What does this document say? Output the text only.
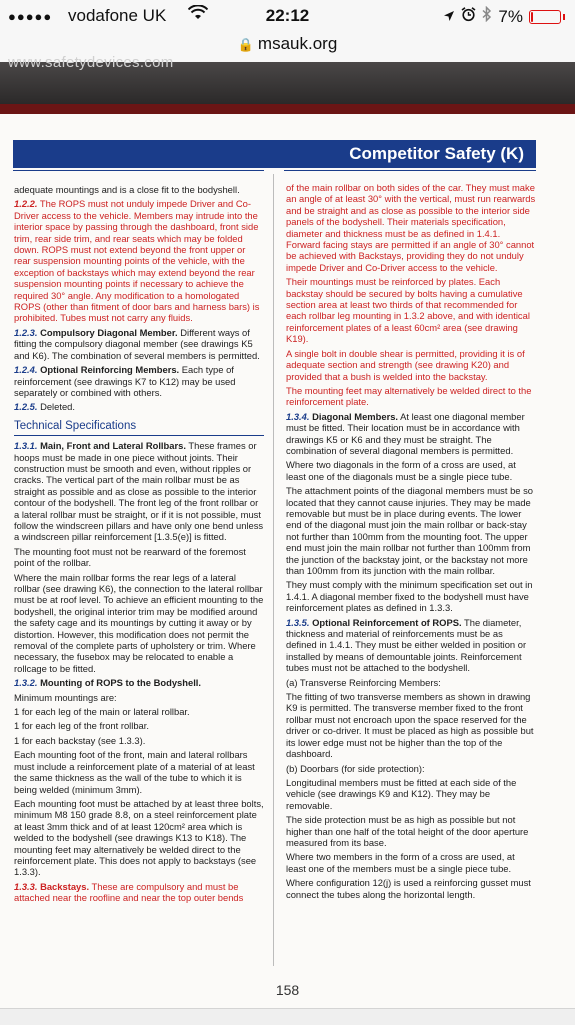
●●●●● vodafone UK	22:12	7%
🔒 msauk.org
www.safetydevices.com
Competitor Safety (K)

adequate mountings and is a close fit to the bodyshell.

1.2.2. The ROPS must not unduly impede Driver and Co-Driver access to the vehicle. Members may intrude into the interior space by passing through the dashboard, front side trim, rear side trim, and rear seats which may be folded down. ROPS must not extend beyond the front upper or rear suspension mounting points of the vehicle, with the exception of backstays which may extend beyond the rear suspension mounting points if necessary to achieve the required 30° angle. Any modification to a homologated ROPS (other than fitment of door bars and harness bars) is prohibited. Tubes must not carry any fluids.

1.2.3. Compulsory Diagonal Member. Different ways of fitting the compulsory diagonal member (see drawings K5 and K6). The combination of several members is permitted.

1.2.4. Optional Reinforcing Members. Each type of reinforcement (see drawings K7 to K12) may be used separately or combined with others.

1.2.5. Deleted.

Technical Specifications

1.3.1. Main, Front and Lateral Rollbars. These frames or hoops must be made in one piece without joints. Their construction must be smooth and even, without ripples or cracks. The vertical part of the main rollbar must be as straight as possible and as close as possible to the interior contour of the bodyshell. The front leg of the front rollbar or a lateral rollbar must be straight, or if it is not possible, must follow the windscreen pillars and have only one bend unless a windscreen pillar reinforcement [1.3.5(e)] is fitted.

The mounting foot must not be rearward of the foremost point of the rollbar.

Where the main rollbar forms the rear legs of a lateral rollbar (see drawing K6), the connection to the lateral rollbar must be at roof level. To achieve an efficient mounting to the bodyshell, the original interior trim may be modified around the safety cage and its mountings by cutting it away or by distortion. However, this modification does not permit the removal of the complete parts of upholstery or trim. Where necessary, the fusebox may be relocated to enable a rollcage to be fitted.

1.3.2. Mounting of ROPS to the Bodyshell.

Minimum mountings are:

1 for each leg of the main or lateral rollbar.

1 for each leg of the front rollbar.

1 for each backstay (see 1.3.3).

Each mounting foot of the front, main and lateral rollbars must include a reinforcement plate of a material of at least the same thickness as the wall of the tube to which it is being welded (minimum 3mm).

Each mounting foot must be attached by at least three bolts, minimum M8 150 grade 8.8, on a steel reinforcement plate at least 3mm thick and of at least 120cm² area which is welded to the bodyshell (see drawings K13 to K18). The mounting feet may alternatively be welded direct to the reinforcement plate. This does not apply to backstays (see 1.3.3).

1.3.3. Backstays. These are compulsory and must be attached near the roofline and near the top outer bends

of the main rollbar on both sides of the car. They must make an angle of at least 30° with the vertical, must run rearwards and be straight and as close as possible to the interior side panels of the bodyshell. Their materials specification, diameter and thickness must be as defined in 1.4.1. Forward facing stays are permitted if an angle of 30° cannot be achieved with Backstays, providing they do not unduly impede Driver and Co-Driver access to the vehicle.

Their mountings must be reinforced by plates. Each backstay should be secured by bolts having a cumulative section area at least two thirds of that recommended for each rollbar leg mounting in 1.3.2 above, and with identical reinforcement plates of a least 60cm² area (see drawing K19).

A single bolt in double shear is permitted, providing it is of adequate section and strength (see drawing K20) and provided that a bush is welded into the backstay.

The mounting feet may alternatively be welded direct to the reinforcement plate.

1.3.4. Diagonal Members. At least one diagonal member must be fitted. Their location must be in accordance with drawings K5 or K6 and they must be straight. The combination of several diagonal members is permitted.

Where two diagonals in the form of a cross are used, at least one of the diagonals must be a single piece tube.

The attachment points of the diagonal members must be so located that they cannot cause injuries. They may be made removable but must be in place during events. The lower end of the diagonal must join the main rollbar or back-stay not further than 100mm from the mounting foot. The upper end must join the main rollbar not further than 100mm from the junction of the backstay joint, or the backstay not more than 100mm from its junction with the main rollbar.

They must comply with the minimum specification set out in 1.4.1. A diagonal member fixed to the bodyshell must have reinforcement plates as defined in 1.3.3.

1.3.5. Optional Reinforcement of ROPS. The diameter, thickness and material of reinforcements must be as defined in 1.4.1. They must be either welded in position or installed by means of demountable joints. Reinforcement tubes must not be attached to the bodyshell.

(a) Transverse Reinforcing Members:

The fitting of two transverse members as shown in drawing K9 is permitted. The transverse member fixed to the front rollbar must not encroach upon the space reserved for the driver or co-driver. It must be placed as high as possible but its lower edge must not be higher than the top of the dashboard.

(b) Doorbars (for side protection):

Longitudinal members must be fitted at each side of the vehicle (see drawings K9 and K12). They may be removable.

The side protection must be as high as possible but not higher than one half of the total height of the door aperture measured from its base.

Where two members in the form of a cross are used, at least one of the members must be a single piece tube.

Where configuration 12(j) is used a reinforcing gusset must connect the tubes along the horizontal length.

158
